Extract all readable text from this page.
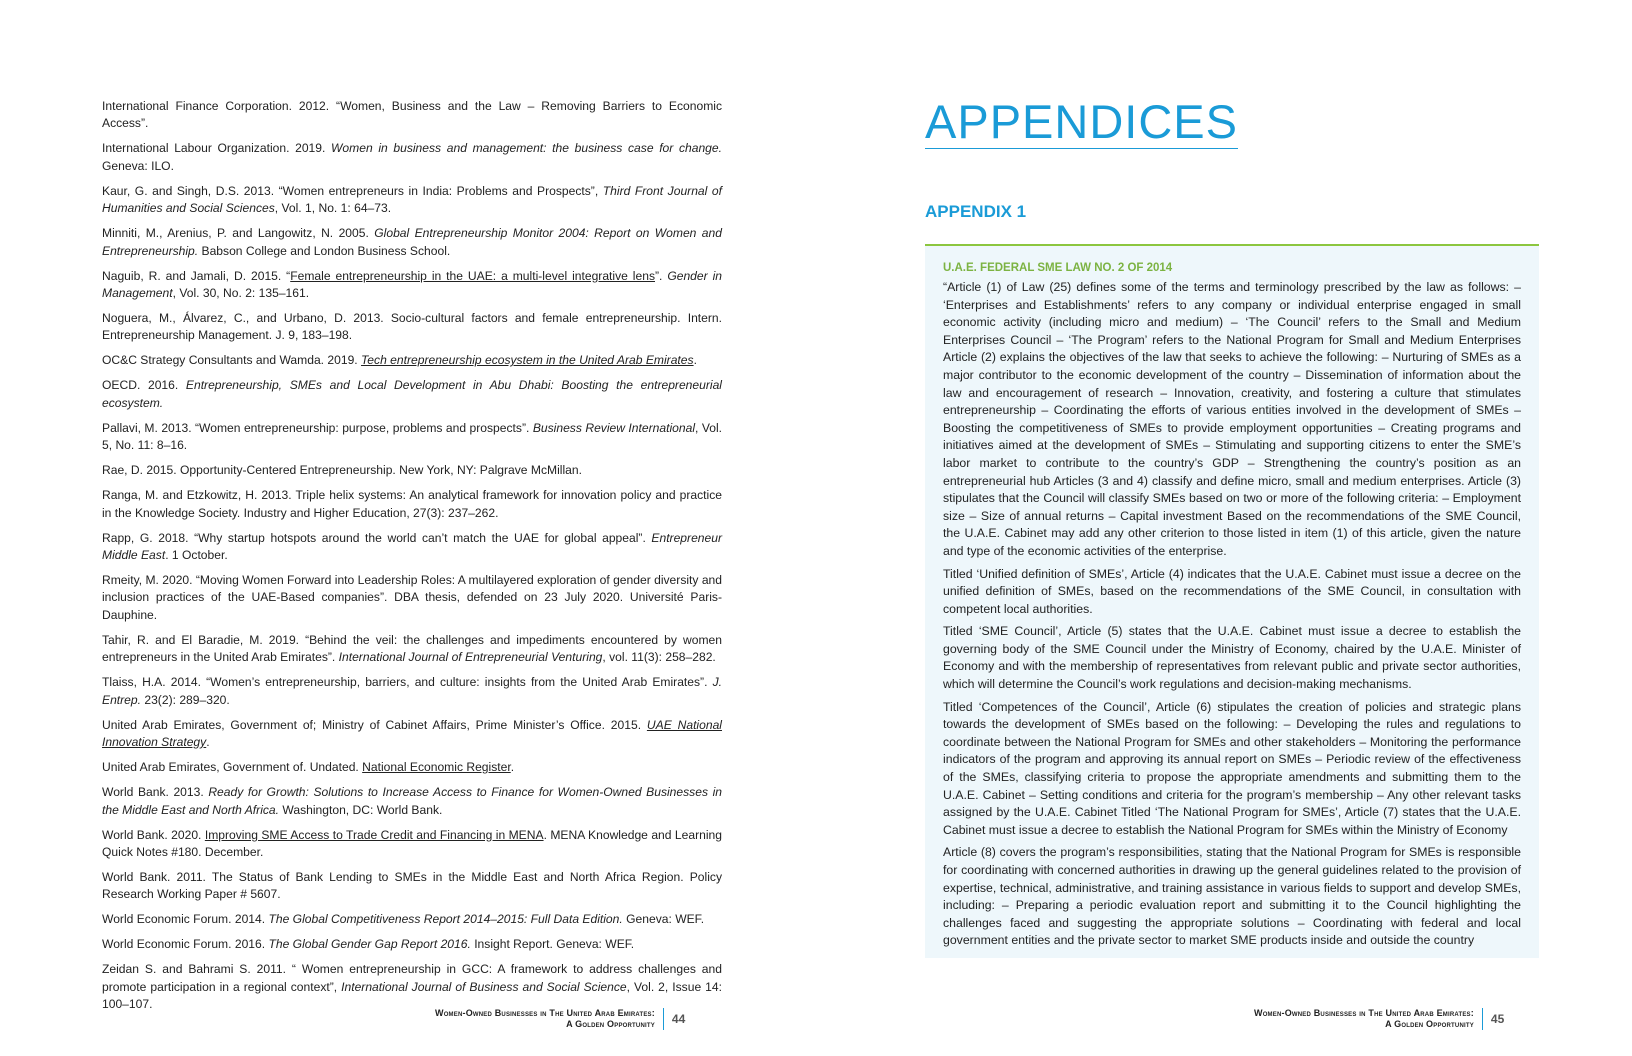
International Finance Corporation. 2012. “Women, Business and the Law – Removing Barriers to Economic Access”.

International Labour Organization. 2019. Women in business and management: the business case for change. Geneva: ILO.

Kaur, G. and Singh, D.S. 2013. “Women entrepreneurs in India: Problems and Prospects”, Third Front Journal of Humanities and Social Sciences, Vol. 1, No. 1: 64–73.

Minniti, M., Arenius, P. and Langowitz, N. 2005. Global Entrepreneurship Monitor 2004: Report on Women and Entrepreneurship. Babson College and London Business School.

Naguib, R. and Jamali, D. 2015. “Female entrepreneurship in the UAE: a multi-level integrative lens”. Gender in Management, Vol. 30, No. 2: 135–161.

Noguera, M., Álvarez, C., and Urbano, D. 2013. Socio-cultural factors and female entrepreneurship. Intern. Entrepreneurship Management. J. 9, 183–198.

OC&C Strategy Consultants and Wamda. 2019. Tech entrepreneurship ecosystem in the United Arab Emirates.

OECD. 2016. Entrepreneurship, SMEs and Local Development in Abu Dhabi: Boosting the entrepreneurial ecosystem.

Pallavi, M. 2013. “Women entrepreneurship: purpose, problems and prospects”. Business Review International, Vol. 5, No. 11: 8–16.

Rae, D. 2015. Opportunity-Centered Entrepreneurship. New York, NY: Palgrave McMillan.

Ranga, M. and Etzkowitz, H. 2013. Triple helix systems: An analytical framework for innovation policy and practice in the Knowledge Society. Industry and Higher Education, 27(3): 237–262.

Rapp, G. 2018. “Why startup hotspots around the world can’t match the UAE for global appeal”. Entrepreneur Middle East. 1 October.

Rmeity, M. 2020. “Moving Women Forward into Leadership Roles: A multilayered exploration of gender diversity and inclusion practices of the UAE-Based companies”. DBA thesis, defended on 23 July 2020. Université Paris-Dauphine.

Tahir, R. and El Baradie, M. 2019. “Behind the veil: the challenges and impediments encountered by women entrepreneurs in the United Arab Emirates”. International Journal of Entrepreneurial Venturing, vol. 11(3): 258–282.

Tlaiss, H.A. 2014. “Women’s entrepreneurship, barriers, and culture: insights from the United Arab Emirates”. J. Entrep. 23(2): 289–320.

United Arab Emirates, Government of; Ministry of Cabinet Affairs, Prime Minister’s Office. 2015. UAE National Innovation Strategy.

United Arab Emirates, Government of. Undated. National Economic Register.

World Bank. 2013. Ready for Growth: Solutions to Increase Access to Finance for Women-Owned Businesses in the Middle East and North Africa. Washington, DC: World Bank.

World Bank. 2020. Improving SME Access to Trade Credit and Financing in MENA. MENA Knowledge and Learning Quick Notes #180. December.

World Bank. 2011. The Status of Bank Lending to SMEs in the Middle East and North Africa Region. Policy Research Working Paper # 5607.

World Economic Forum. 2014. The Global Competitiveness Report 2014–2015: Full Data Edition. Geneva: WEF.

World Economic Forum. 2016. The Global Gender Gap Report 2016. Insight Report. Geneva: WEF.

Zeidan S. and Bahrami S. 2011. “ Women entrepreneurship in GCC: A framework to address challenges and promote participation in a regional context”, International Journal of Business and Social Science, Vol. 2, Issue 14: 100–107.

Women-Owned Businesses in The United Arab Emirates:
A Golden Opportunity 44
APPENDICES
APPENDIX 1
U.A.E. FEDERAL SME LAW NO. 2 OF 2014

“Article (1) of Law (25) defines some of the terms and terminology prescribed by the law as follows: – ‘Enterprises and Establishments’ refers to any company or individual enterprise engaged in small economic activity (including micro and medium) – ‘The Council’ refers to the Small and Medium Enterprises Council – ‘The Program’ refers to the National Program for Small and Medium Enterprises Article (2) explains the objectives of the law that seeks to achieve the following: – Nurturing of SMEs as a major contributor to the economic development of the country – Dissemination of information about the law and encouragement of research – Innovation, creativity, and fostering a culture that stimulates entrepreneurship – Coordinating the efforts of various entities involved in the development of SMEs – Boosting the competitiveness of SMEs to provide employment opportunities – Creating programs and initiatives aimed at the development of SMEs – Stimulating and supporting citizens to enter the SME’s labor market to contribute to the country’s GDP – Strengthening the country’s position as an entrepreneurial hub Articles (3 and 4) classify and define micro, small and medium enterprises. Article (3) stipulates that the Council will classify SMEs based on two or more of the following criteria: – Employment size – Size of annual returns – Capital investment Based on the recommendations of the SME Council, the U.A.E. Cabinet may add any other criterion to those listed in item (1) of this article, given the nature and type of the economic activities of the enterprise.

Titled ‘Unified definition of SMEs’, Article (4) indicates that the U.A.E. Cabinet must issue a decree on the unified definition of SMEs, based on the recommendations of the SME Council, in consultation with competent local authorities.

Titled ‘SME Council’, Article (5) states that the U.A.E. Cabinet must issue a decree to establish the governing body of the SME Council under the Ministry of Economy, chaired by the U.A.E. Minister of Economy and with the membership of representatives from relevant public and private sector authorities, which will determine the Council’s work regulations and decision-making mechanisms.

Titled ‘Competences of the Council’, Article (6) stipulates the creation of policies and strategic plans towards the development of SMEs based on the following: – Developing the rules and regulations to coordinate between the National Program for SMEs and other stakeholders – Monitoring the performance indicators of the program and approving its annual report on SMEs – Periodic review of the effectiveness of the SMEs, classifying criteria to propose the appropriate amendments and submitting them to the U.A.E. Cabinet – Setting conditions and criteria for the program’s membership – Any other relevant tasks assigned by the U.A.E. Cabinet Titled ‘The National Program for SMEs’, Article (7) states that the U.A.E. Cabinet must issue a decree to establish the National Program for SMEs within the Ministry of Economy

Article (8) covers the program’s responsibilities, stating that the National Program for SMEs is responsible for coordinating with concerned authorities in drawing up the general guidelines related to the provision of expertise, technical, administrative, and training assistance in various fields to support and develop SMEs, including: – Preparing a periodic evaluation report and submitting it to the Council highlighting the challenges faced and suggesting the appropriate solutions – Coordinating with federal and local government entities and the private sector to market SME products inside and outside the country

Women-Owned Businesses in The United Arab Emirates:
A Golden Opportunity 45
